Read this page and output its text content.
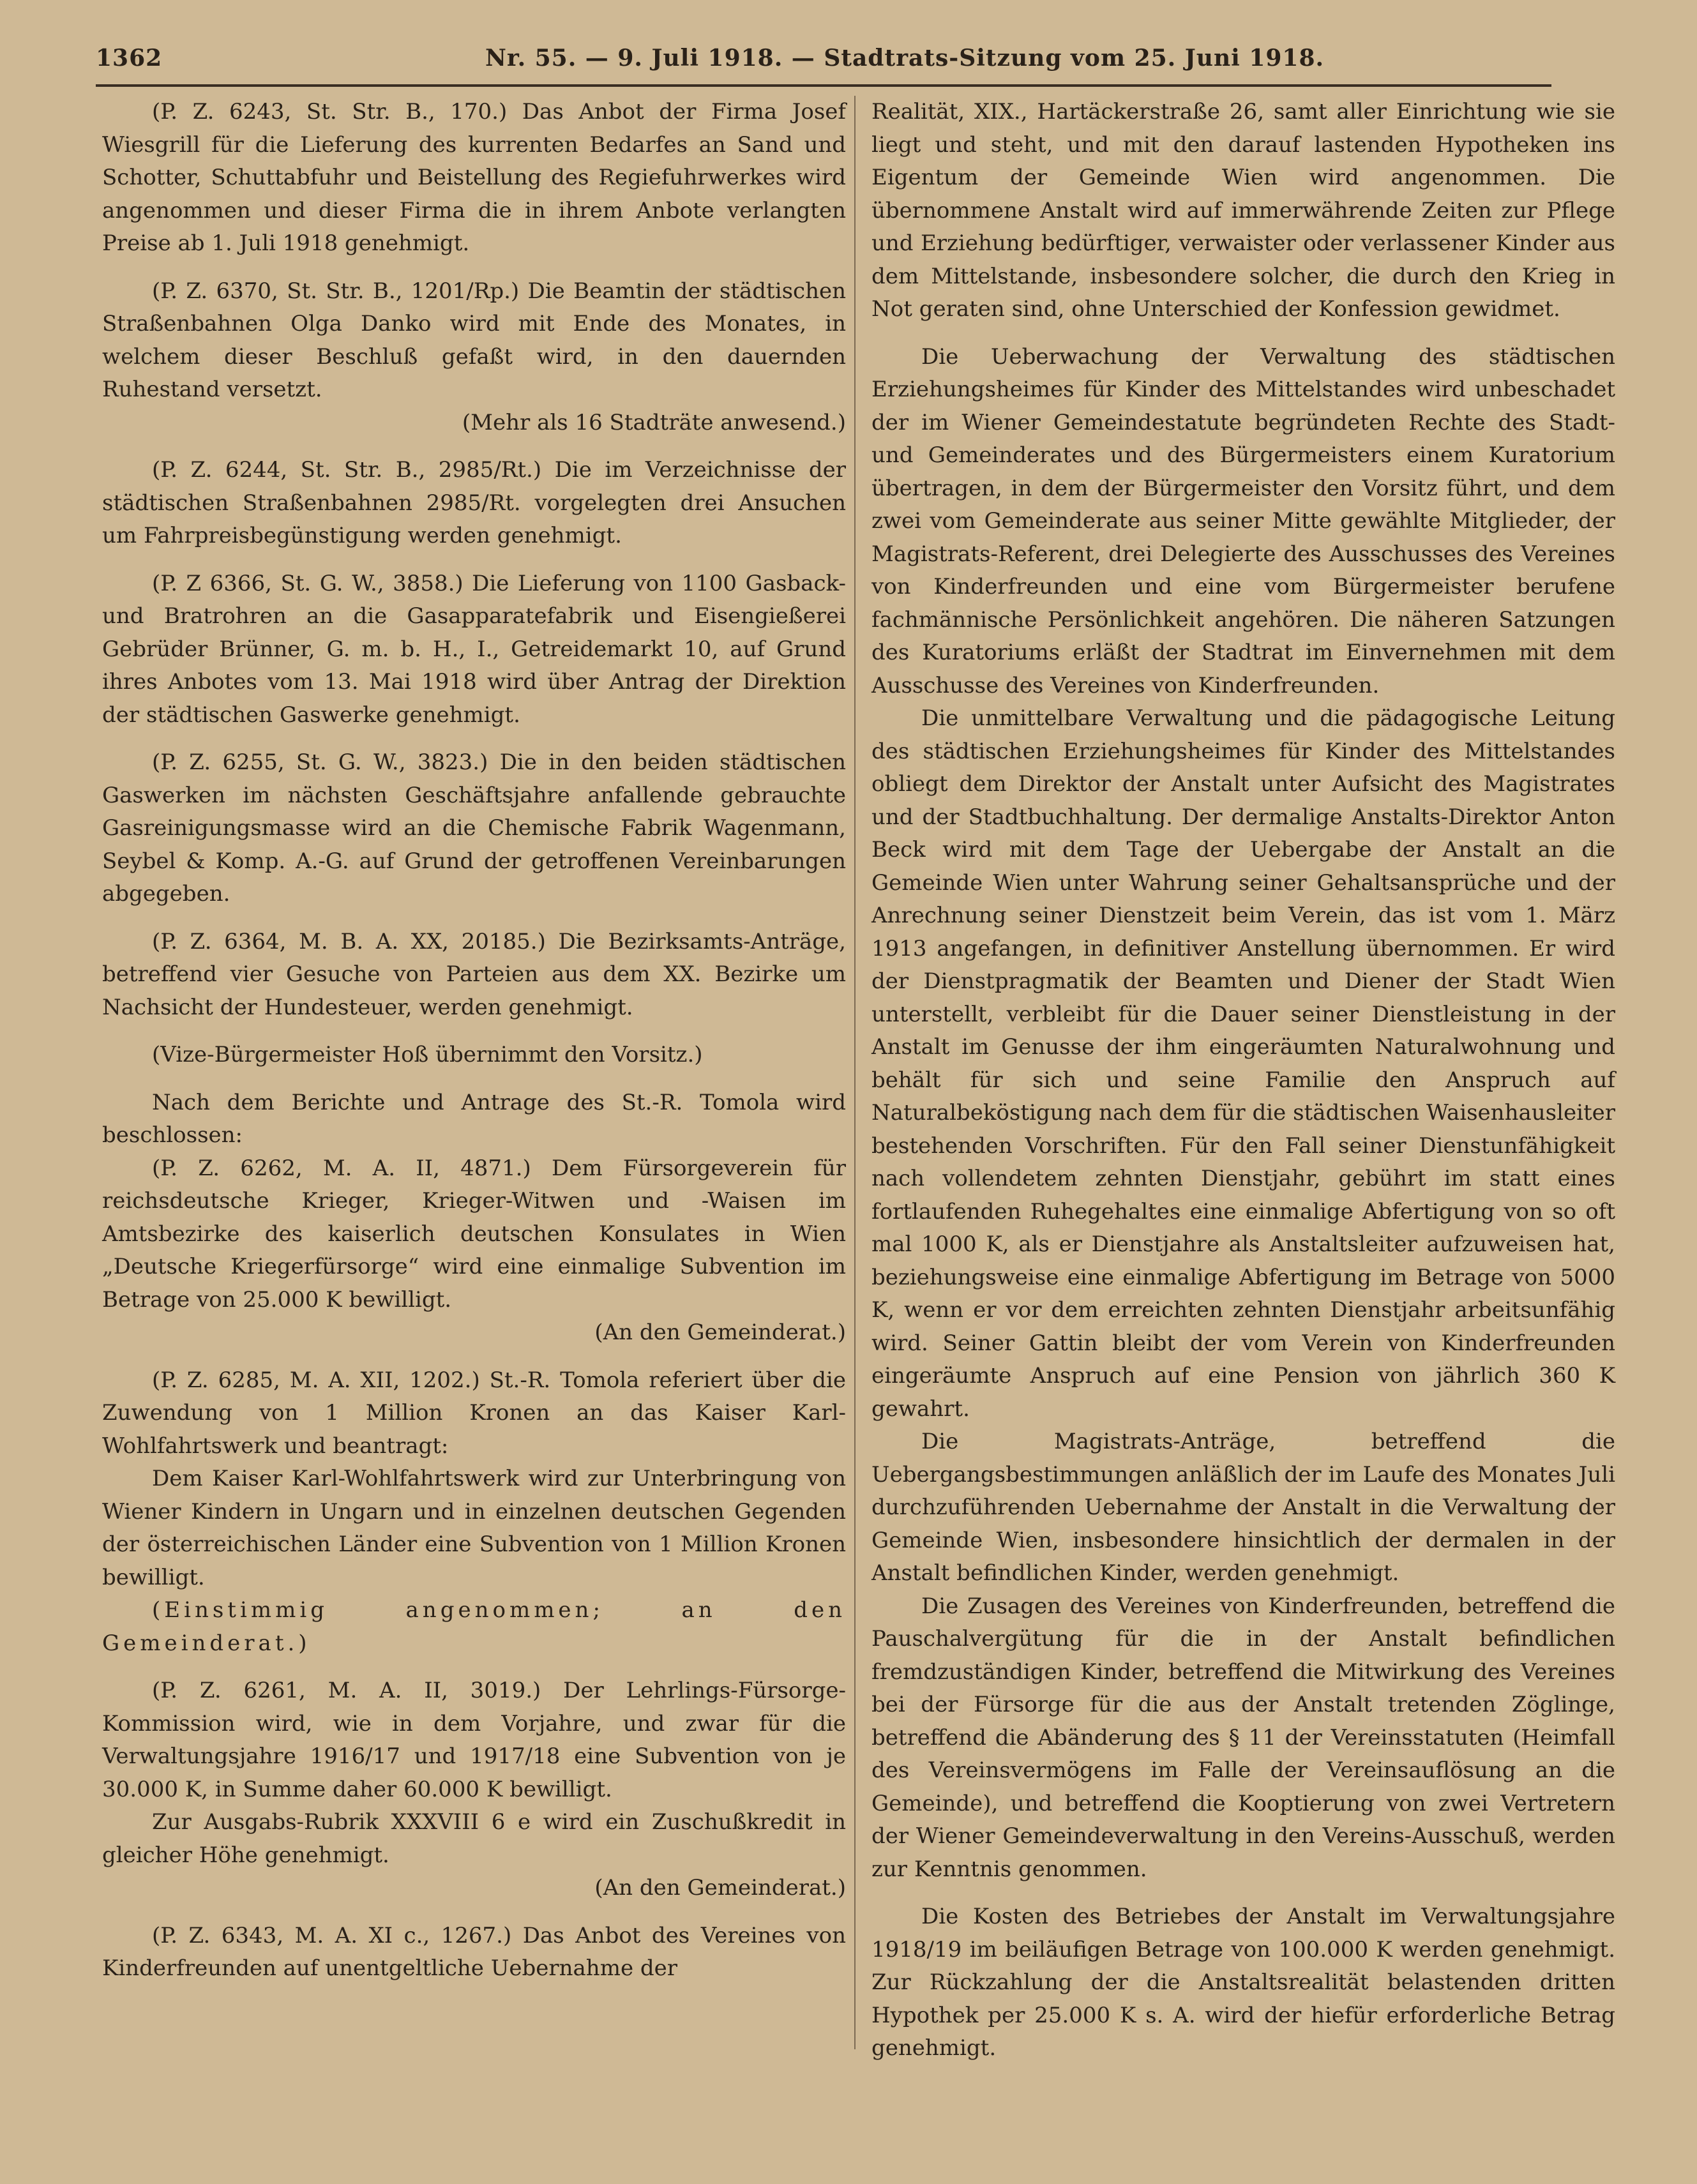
1362	Nr. 55. — 9. Juli 1918. — Stadtrats-Sitzung vom 25. Juni 1918.

(P. Z. 6243, St. Str. B., 170.) Das Anbot der Firma Josef Wiesgrill für die Lieferung des kurrenten Bedarfes an Sand und Schotter, Schuttabfuhr und Beistellung des Regiefuhrwerkes wird angenommen und dieser Firma die in ihrem Anbote verlangten Preise ab 1. Juli 1918 genehmigt.

(P. Z. 6370, St. Str. B., 1201/Rp.) Die Beamtin der städtischen Straßenbahnen Olga Danko wird mit Ende des Monates, in welchem dieser Beschluß gefaßt wird, in den dauernden Ruhestand versetzt.

(Mehr als 16 Stadträte anwesend.)

(P. Z. 6244, St. Str. B., 2985/Rt.) Die im Verzeichnisse der städtischen Straßenbahnen 2985/Rt. vorgelegten drei Ansuchen um Fahrpreisbegünstigung werden genehmigt.

(P. Z 6366, St. G. W., 3858.) Die Lieferung von 1100 Gasback- und Bratrohren an die Gasapparatefabrik und Eisengießerei Gebrüder Brünner, G. m. b. H., I., Getreidemarkt 10, auf Grund ihres Anbotes vom 13. Mai 1918 wird über Antrag der Direktion der städtischen Gaswerke genehmigt.

(P. Z. 6255, St. G. W., 3823.) Die in den beiden städtischen Gaswerken im nächsten Geschäftsjahre anfallende gebrauchte Gasreinigungsmasse wird an die Chemische Fabrik Wagenmann, Seybel & Komp. A.-G. auf Grund der getroffenen Vereinbarungen abgegeben.

(P. Z. 6364, M. B. A. XX, 20185.) Die Bezirksamts-Anträge, betreffend vier Gesuche von Parteien aus dem XX. Bezirke um Nachsicht der Hundesteuer, werden genehmigt.

(Vize-Bürgermeister Hoß übernimmt den Vorsitz.)

Nach dem Berichte und Antrage des St.-R. Tomola wird beschlossen:

(P. Z. 6262, M. A. II, 4871.) Dem Fürsorgeverein für reichsdeutsche Krieger, Krieger-Witwen und -Waisen im Amtsbezirke des kaiserlich deutschen Konsulates in Wien „Deutsche Kriegerfürsorge“ wird eine einmalige Subvention im Betrage von 25.000 K bewilligt.

(An den Gemeinderat.)

(P. Z. 6285, M. A. XII, 1202.) St.-R. Tomola referiert über die Zuwendung von 1 Million Kronen an das Kaiser Karl-Wohlfahrtswerk und beantragt:

Dem Kaiser Karl-Wohlfahrtswerk wird zur Unterbringung von Wiener Kindern in Ungarn und in einzelnen deutschen Gegenden der österreichischen Länder eine Subvention von 1 Million Kronen bewilligt.

(Einstimmig angenommen; an den Gemeinderat.)

(P. Z. 6261, M. A. II, 3019.) Der Lehrlings-Fürsorge-Kommission wird, wie in dem Vorjahre, und zwar für die Verwaltungsjahre 1916/17 und 1917/18 eine Subvention von je 30.000 K, in Summe daher 60.000 K bewilligt.

Zur Ausgabs-Rubrik XXXVIII 6 e wird ein Zuschußkredit in gleicher Höhe genehmigt.

(An den Gemeinderat.)

(P. Z. 6343, M. A. XI c., 1267.) Das Anbot des Vereines von Kinderfreunden auf unentgeltliche Uebernahme der

Realität, XIX., Hartäckerstraße 26, samt aller Einrichtung wie sie liegt und steht, und mit den darauf lastenden Hypotheken ins Eigentum der Gemeinde Wien wird angenommen. Die übernommene Anstalt wird auf immerwährende Zeiten zur Pflege und Erziehung bedürftiger, verwaister oder verlassener Kinder aus dem Mittelstande, insbesondere solcher, die durch den Krieg in Not geraten sind, ohne Unterschied der Konfession gewidmet.

Die Ueberwachung der Verwaltung des städtischen Erziehungsheimes für Kinder des Mittelstandes wird unbeschadet der im Wiener Gemeindestatute begründeten Rechte des Stadt- und Gemeinderates und des Bürgermeisters einem Kuratorium übertragen, in dem der Bürgermeister den Vorsitz führt, und dem zwei vom Gemeinderate aus seiner Mitte gewählte Mitglieder, der Magistrats-Referent, drei Delegierte des Ausschusses des Vereines von Kinderfreunden und eine vom Bürgermeister berufene fachmännische Persönlichkeit angehören. Die näheren Satzungen des Kuratoriums erläßt der Stadtrat im Einvernehmen mit dem Ausschusse des Vereines von Kinderfreunden.

Die unmittelbare Verwaltung und die pädagogische Leitung des städtischen Erziehungsheimes für Kinder des Mittelstandes obliegt dem Direktor der Anstalt unter Aufsicht des Magistrates und der Stadtbuchhaltung. Der dermalige Anstalts-Direktor Anton Beck wird mit dem Tage der Uebergabe der Anstalt an die Gemeinde Wien unter Wahrung seiner Gehaltsansprüche und der Anrechnung seiner Dienstzeit beim Verein, das ist vom 1. März 1913 angefangen, in definitiver Anstellung übernommen. Er wird der Dienstpragmatik der Beamten und Diener der Stadt Wien unterstellt, verbleibt für die Dauer seiner Dienstleistung in der Anstalt im Genusse der ihm eingeräumten Naturalwohnung und behält für sich und seine Familie den Anspruch auf Naturalbeköstigung nach dem für die städtischen Waisenhausleiter bestehenden Vorschriften. Für den Fall seiner Dienstunfähigkeit nach vollendetem zehnten Dienstjahr, gebührt im statt eines fortlaufenden Ruhegehaltes eine einmalige Abfertigung von so oft mal 1000 K, als er Dienstjahre als Anstaltsleiter aufzuweisen hat, beziehungsweise eine einmalige Abfertigung im Betrage von 5000 K, wenn er vor dem erreichten zehnten Dienstjahr arbeitsunfähig wird. Seiner Gattin bleibt der vom Verein von Kinderfreunden eingeräumte Anspruch auf eine Pension von jährlich 360 K gewahrt.

Die Magistrats-Anträge, betreffend die Uebergangsbestimmungen anläßlich der im Laufe des Monates Juli durchzuführenden Uebernahme der Anstalt in die Verwaltung der Gemeinde Wien, insbesondere hinsichtlich der dermalen in der Anstalt befindlichen Kinder, werden genehmigt.

Die Zusagen des Vereines von Kinderfreunden, betreffend die Pauschalvergütung für die in der Anstalt befindlichen fremdzuständigen Kinder, betreffend die Mitwirkung des Vereines bei der Fürsorge für die aus der Anstalt tretenden Zöglinge, betreffend die Abänderung des § 11 der Vereinsstatuten (Heimfall des Vereinsvermögens im Falle der Vereinsauflösung an die Gemeinde), und betreffend die Kooptierung von zwei Vertretern der Wiener Gemeindeverwaltung in den Vereins-Ausschuß, werden zur Kenntnis genommen.

Die Kosten des Betriebes der Anstalt im Verwaltungsjahre 1918/19 im beiläufigen Betrage von 100.000 K werden genehmigt. Zur Rückzahlung der die Anstaltsrealität belastenden dritten Hypothek per 25.000 K s. A. wird der hiefür erforderliche Betrag genehmigt.
